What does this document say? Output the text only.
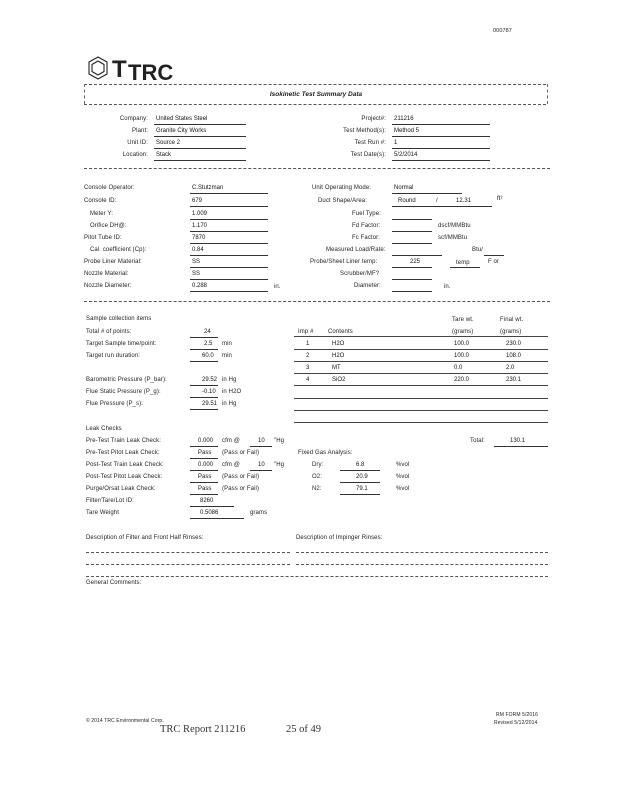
000787
T TRC
Isokinetic Test Summary Data
Company: United States Steel
Plant: Granite City Works
Unit ID: Source 2
Location: Stack
Project#: 211216
Test Method(s): Method 5
Test Run #: 1
Test Date(s): 5/2/2014
Console Operator:	C.Stutzman
Console ID:	679
Meter Y:	1.009
Orifice DH@:	1.170
Pitot Tube ID:	7870
Cal. coefficient (Cp):	0.84
Probe Liner Material:	SS
Nozzle Material:	SS
Nozzle Diameter:	0.288	in.
Unit Operating Mode:	Normal
Duct Shape/Area:	Round	/	12.31	ft²
Fuel Type:
Fd Factor:	dscf/MMBtu
Fc Factor:	scf/MMBtu
Measured Load/Rate:	Btu/
Probe/Sheet Liner temp:	225	temp	F or
Scrubber/MF?
Diameter:	in.
Sample collection items
Total # of points:	24
Target Sample time/point:	2.5 min
Target run duration:	60.0 min
Barometric Pressure (P_bar):	29.52 in Hg
Flue Static Pressure (P_g):	-0.10 in H2O
Flue Pressure (P_s):	29.51 in Hg
Imp # Contents
Tare wt.
(grams)
Final wt.
(grams)
1	H2O	100.0	230.0
2	H2O	100.0	108.0
3	MT	0.0	2.0
4	SiO2	220.0	230.1
Total:	130.1
Leak Checks
Pre-Test Train Leak Check:	0.000 cfm @	10 "Hg
Pre-Test Pitot Leak Check:	Pass (Pass or Fail)
Post-Test Train Leak Check:	0.000 cfm @	10 "Hg
Post-Test Pitot Leak Check:	Pass (Pass or Fail)
Purge/Orsat Leak Check:	Pass (Pass or Fail)
Filter/Tare/Lot ID:	8260
Tare Weight	0.5086	grams
Fixed Gas Analysis:
Dry:	6.8	%vol
O2:	20.9	%vol
N2:	79.1	%vol
Description of Filter and Front Half Rinses:	Description of Impinger Rinses:
General Comments:
© 2014 TRC Environmental Corp.
TRC Report 211216	25 of 49
RM FORM 5/2016
Revised 5/12/2014
